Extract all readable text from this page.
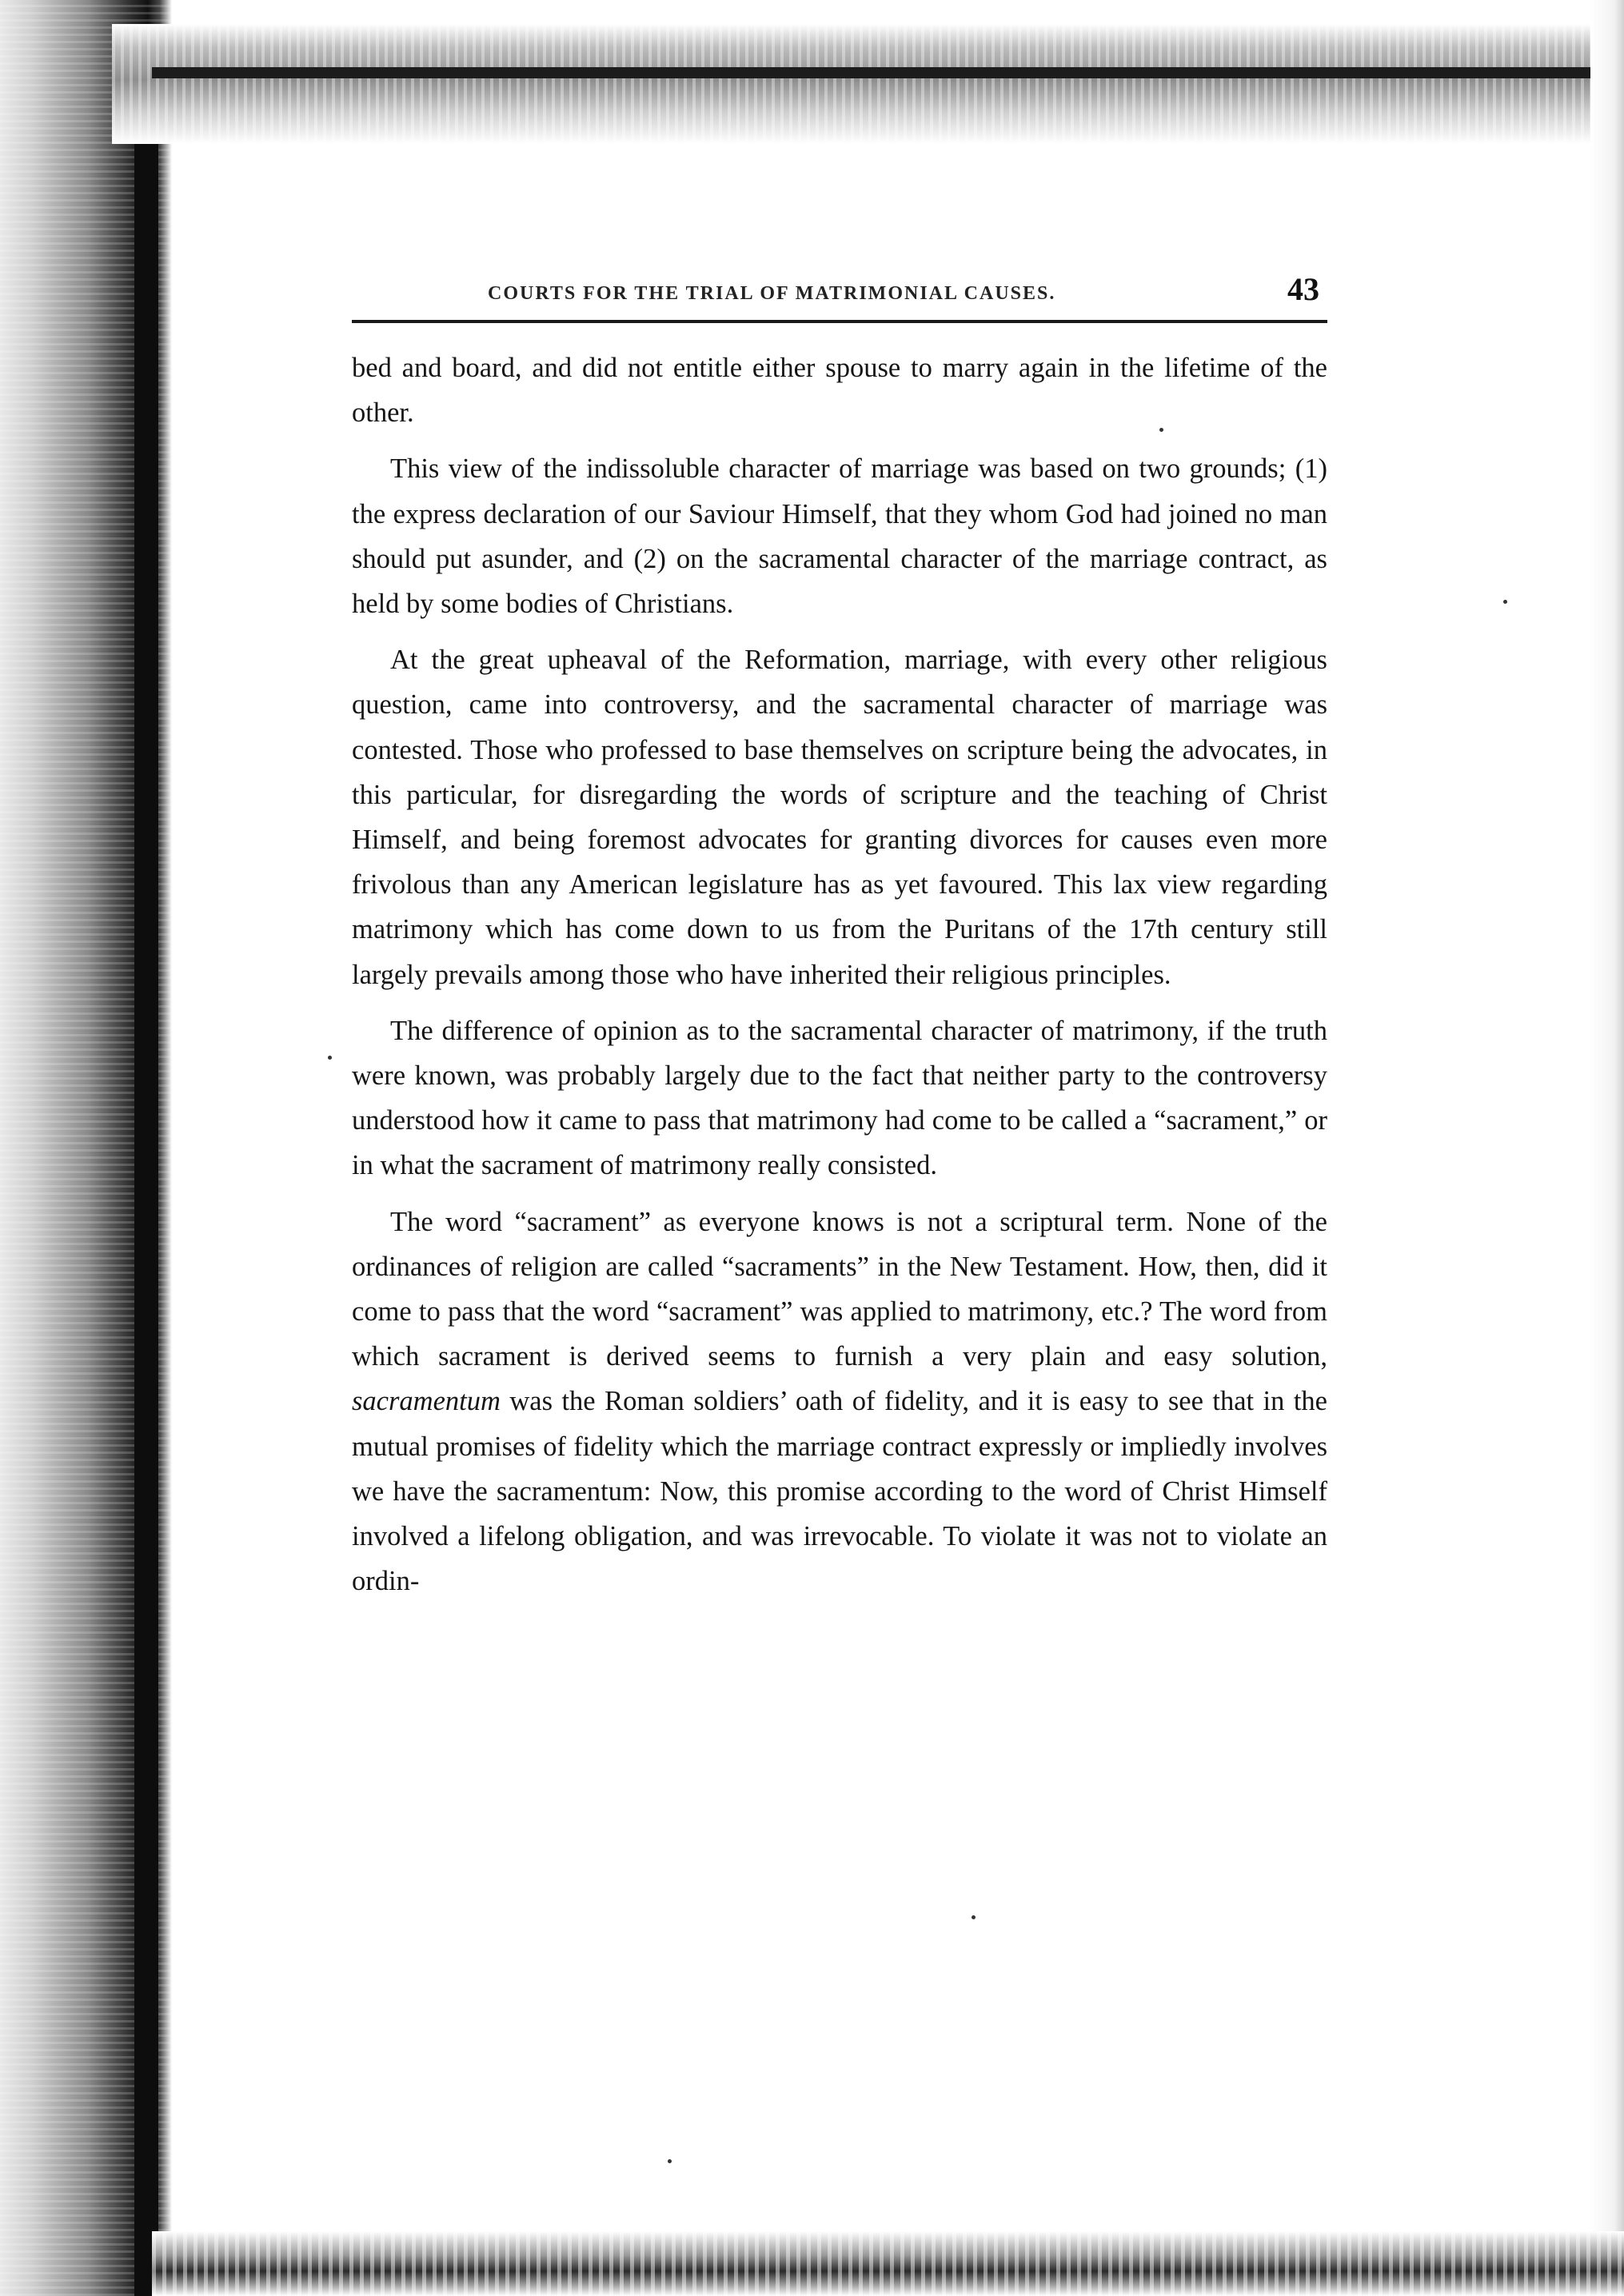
COURTS FOR THE TRIAL OF MATRIMONIAL CAUSES.	43

bed and board, and did not entitle either spouse to marry again in the lifetime of the other.

This view of the indissoluble character of marriage was based on two grounds; (1) the express declaration of our Saviour Himself, that they whom God had joined no man should put asunder, and (2) on the sacramental character of the marriage contract, as held by some bodies of Christians.

At the great upheaval of the Reformation, marriage, with every other religious question, came into controversy, and the sacramental character of marriage was contested. Those who professed to base themselves on scripture being the advocates, in this particular, for disregarding the words of scripture and the teaching of Christ Himself, and being foremost advocates for granting divorces for causes even more frivolous than any American legislature has as yet favoured. This lax view regarding matrimony which has come down to us from the Puritans of the 17th century still largely prevails among those who have inherited their religious principles.

The difference of opinion as to the sacramental character of matrimony, if the truth were known, was probably largely due to the fact that neither party to the controversy understood how it came to pass that matrimony had come to be called a “sacrament,” or in what the sacrament of matrimony really consisted.

The word “sacrament” as everyone knows is not a scriptural term. None of the ordinances of religion are called “sacraments” in the New Testament. How, then, did it come to pass that the word “sacrament” was applied to matrimony, etc.? The word from which sacrament is derived seems to furnish a very plain and easy solution, sacramentum was the Roman soldiers’ oath of fidelity, and it is easy to see that in the mutual promises of fidelity which the marriage contract expressly or impliedly involves we have the sacramentum: Now, this promise according to the word of Christ Himself involved a lifelong obligation, and was irrevocable. To violate it was not to violate an ordin-
